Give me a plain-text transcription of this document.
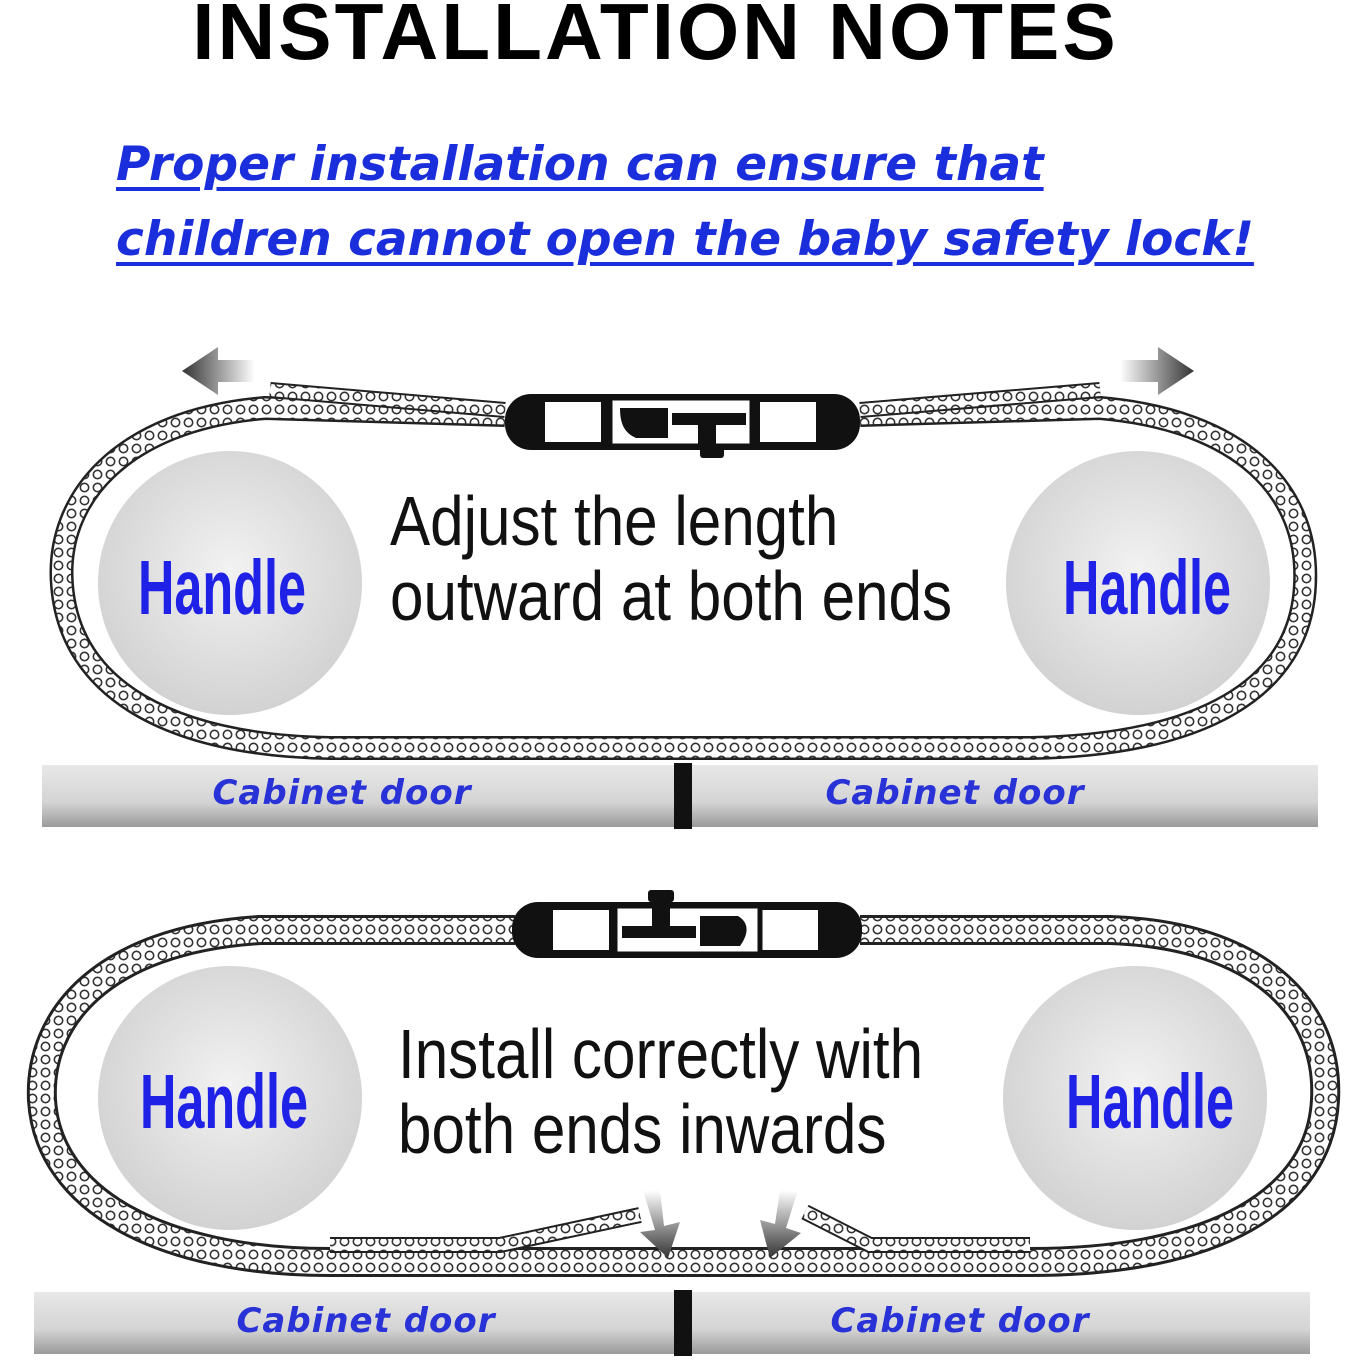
INSTALLATION NOTES
Proper installation can ensure that
children cannot open the baby safety lock!
Handle	Handle
Adjust the length
outward at both ends
Cabinet door	Cabinet door
Handle	Handle
Install correctly with
both ends inwards
Cabinet door	Cabinet door
